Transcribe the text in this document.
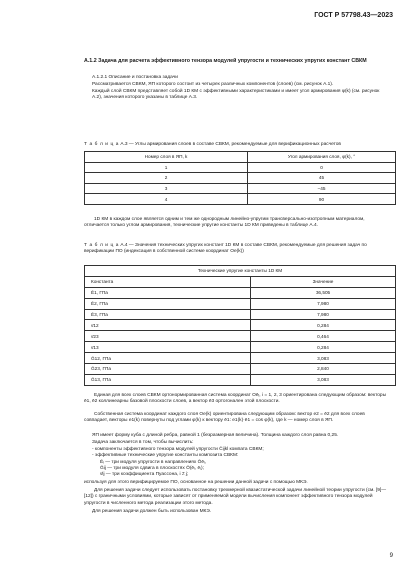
ГОСТ Р 57798.43—2023
А.1.2 Задача для расчета эффективного тензора модулей упругости и технических упругих констант СВКМ
А.1.2.1 Описание и постановка задачи
Рассматривается СВКМ, ЯП которого состоит из четырех различных компонентов (слоев) (см. рисунок А.1).
Каждый слой СВКМ представляет собой 1D КМ с эффективными характеристиками и имеет угол армирования φ(k) (см. рисунок А.2), значения которого указаны в таблице А.3.
Т а б л и ц а А.3 — Углы армирования слоев в составе СВКМ, рекомендуемые для верификационных расчетов
Номер слоя в ЯП, k	Угол армирования слоя, φ(k), °
1	0
2	45
3	−45
4	90
1D КМ в каждом слое является одним и тем же однородным линейно-упругим трансверсально-изотропным материалом, отличается только углом армирования, технические упругие константы 1D КМ приведены в таблице А.4.
Т а б л и ц а А.4 — Значения технических упругих констант 1D КМ в составе СВКМ, рекомендуемые для решения задач по верификации ПО (индексация в собственной системе координат Oe(k))
Технические упругие константы 1D КМ	
Константа	Значение
Ē1, ГПа	36,505
Ē2, ГПа	7,980
Ē3, ГПа	7,980
ν̄12	0,284
ν̄23	0,464
ν̄13	0,284
Ḡ12, ГПа	3,083
Ḡ23, ГПа	2,840
Ḡ13, ГПа	3,083
Единая для всех слоев СВКМ ортонормированная система координат Oēᵢ, i = 1, 2, 3 ориентирована следующим образом: векторы ē1, ē2 коллинеарны базовой плоскости слоев, а вектор ē3 ортогонален этой плоскости.
Собственная система координат каждого слоя Oe(k) ориентирована следующим образом: вектор e2 = ē2 для всех слоев совпадает, векторы e1(k) повернуты под углами φ(k) к вектору ē1: e1(k)·ē1 = cos φ(k), где k — номер слоя в ЯП.
ЯП имеет форму куба с длиной ребра, равной 1 (безразмерная величина). Толщина каждого слоя равна 0,25.
Задача заключается в том, чтобы вычислить:
- компоненты эффективного тензора модулей упругости C̄ijkl компата СВКМ;
- эффективные технические упругие константы композита СВКМ:
Ēᵢ — три модуля упругости в направлениях Ōēᵢ,
Ḡij — три модуля сдвига в плоскостях Ō(ēᵢ, ēⱼ);
ν̄ij — три коэффициента Пуассона, i ≠ j;
используя для этого верифицируемое ПО, основанное на решении данной задачи с помощью МКЭ.
Для решения задачи следует использовать постановку трехмерной квазистатической задачи линейной теории упругости (см. [9]—[12]) с граничными условиями, которые зависят от применяемой модели вычисления компонент эффективного тензора модулей упругости в численного метода реализации этого метода.
Для решения задачи должен быть использован МКЭ.
9
